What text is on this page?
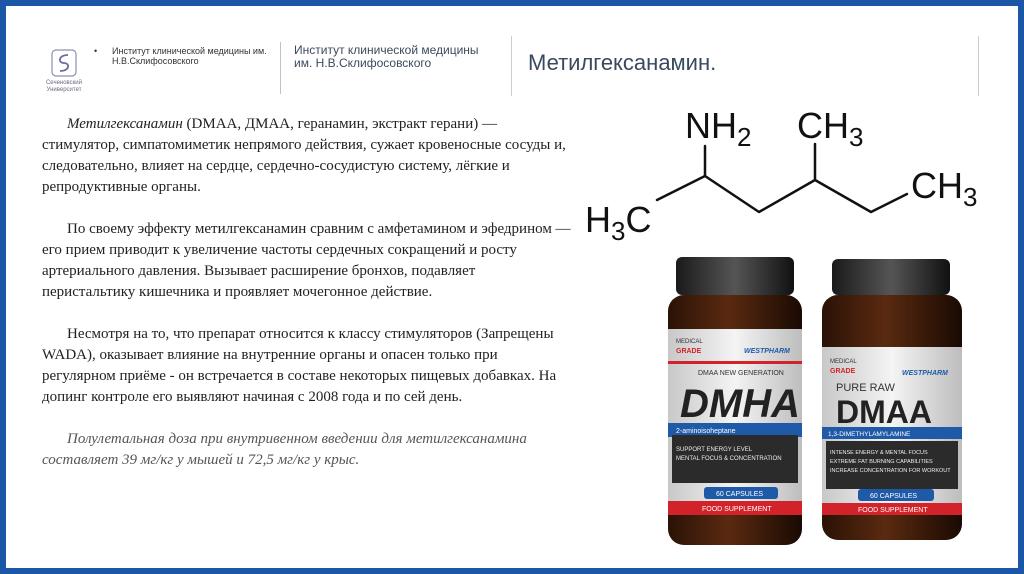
Сеченовский Университет
•	Институт клинической медицины им. Н.В.Склифосовского
Институт клинической медицины им. Н.В.Склифосовского	Метилгексанамин.

Метилгексанамин (DMAA, ДМАА, геранамин, экстракт герани) — стимулятор, симпатомиметик непрямого действия, сужает кровеносные сосуды и, следовательно, влияет на сердце, сердечно-сосудистую систему, лёгкие и репродуктивные органы.

По своему эффекту метилгексанамин сравним с амфетамином и эфедрином — его прием приводит к увеличение частоты сердечных сокращений и росту артериального давления. Вызывает расширение бронхов, подавляет перистальтику кишечника и проявляет мочегонное действие.

Несмотря на то, что препарат относится к классу стимуляторов (Запрещены WADA), оказывает влияние на внутренние органы и опасен только при регулярном приёме - он встречается в составе некоторых пищевых добавках. На допинг контроле его выявляют начиная с 2008 года и по сей день.

Полулетальная доза при внутривенном введении для метилгексанамина составляет 39 мг/кг у мышей и 72,5 мг/кг у крыс.

$NH_2$ $CH_3$
$CH_3$
$H_3C$
MEDICAL
GRADE	WESTPHARM
DMAA NEW GENERATION
DMHA
2-aminoisoheptane
SUPPORT ENERGY LEVEL
MENTAL FOCUS & CONCENTRATION
60 CAPSULES
FOOD SUPPLEMENT
MEDICAL
GRADE	WESTPHARM
PURE RAW
DMAA
1,3-DIMETHYLAMYLAMINE
INTENSE ENERGY & MENTAL FOCUS
EXTREME FAT BURNING CAPABILITIES
INCREASE CONCENTRATION FOR WORKOUT
60 CAPSULES
FOOD SUPPLEMENT
